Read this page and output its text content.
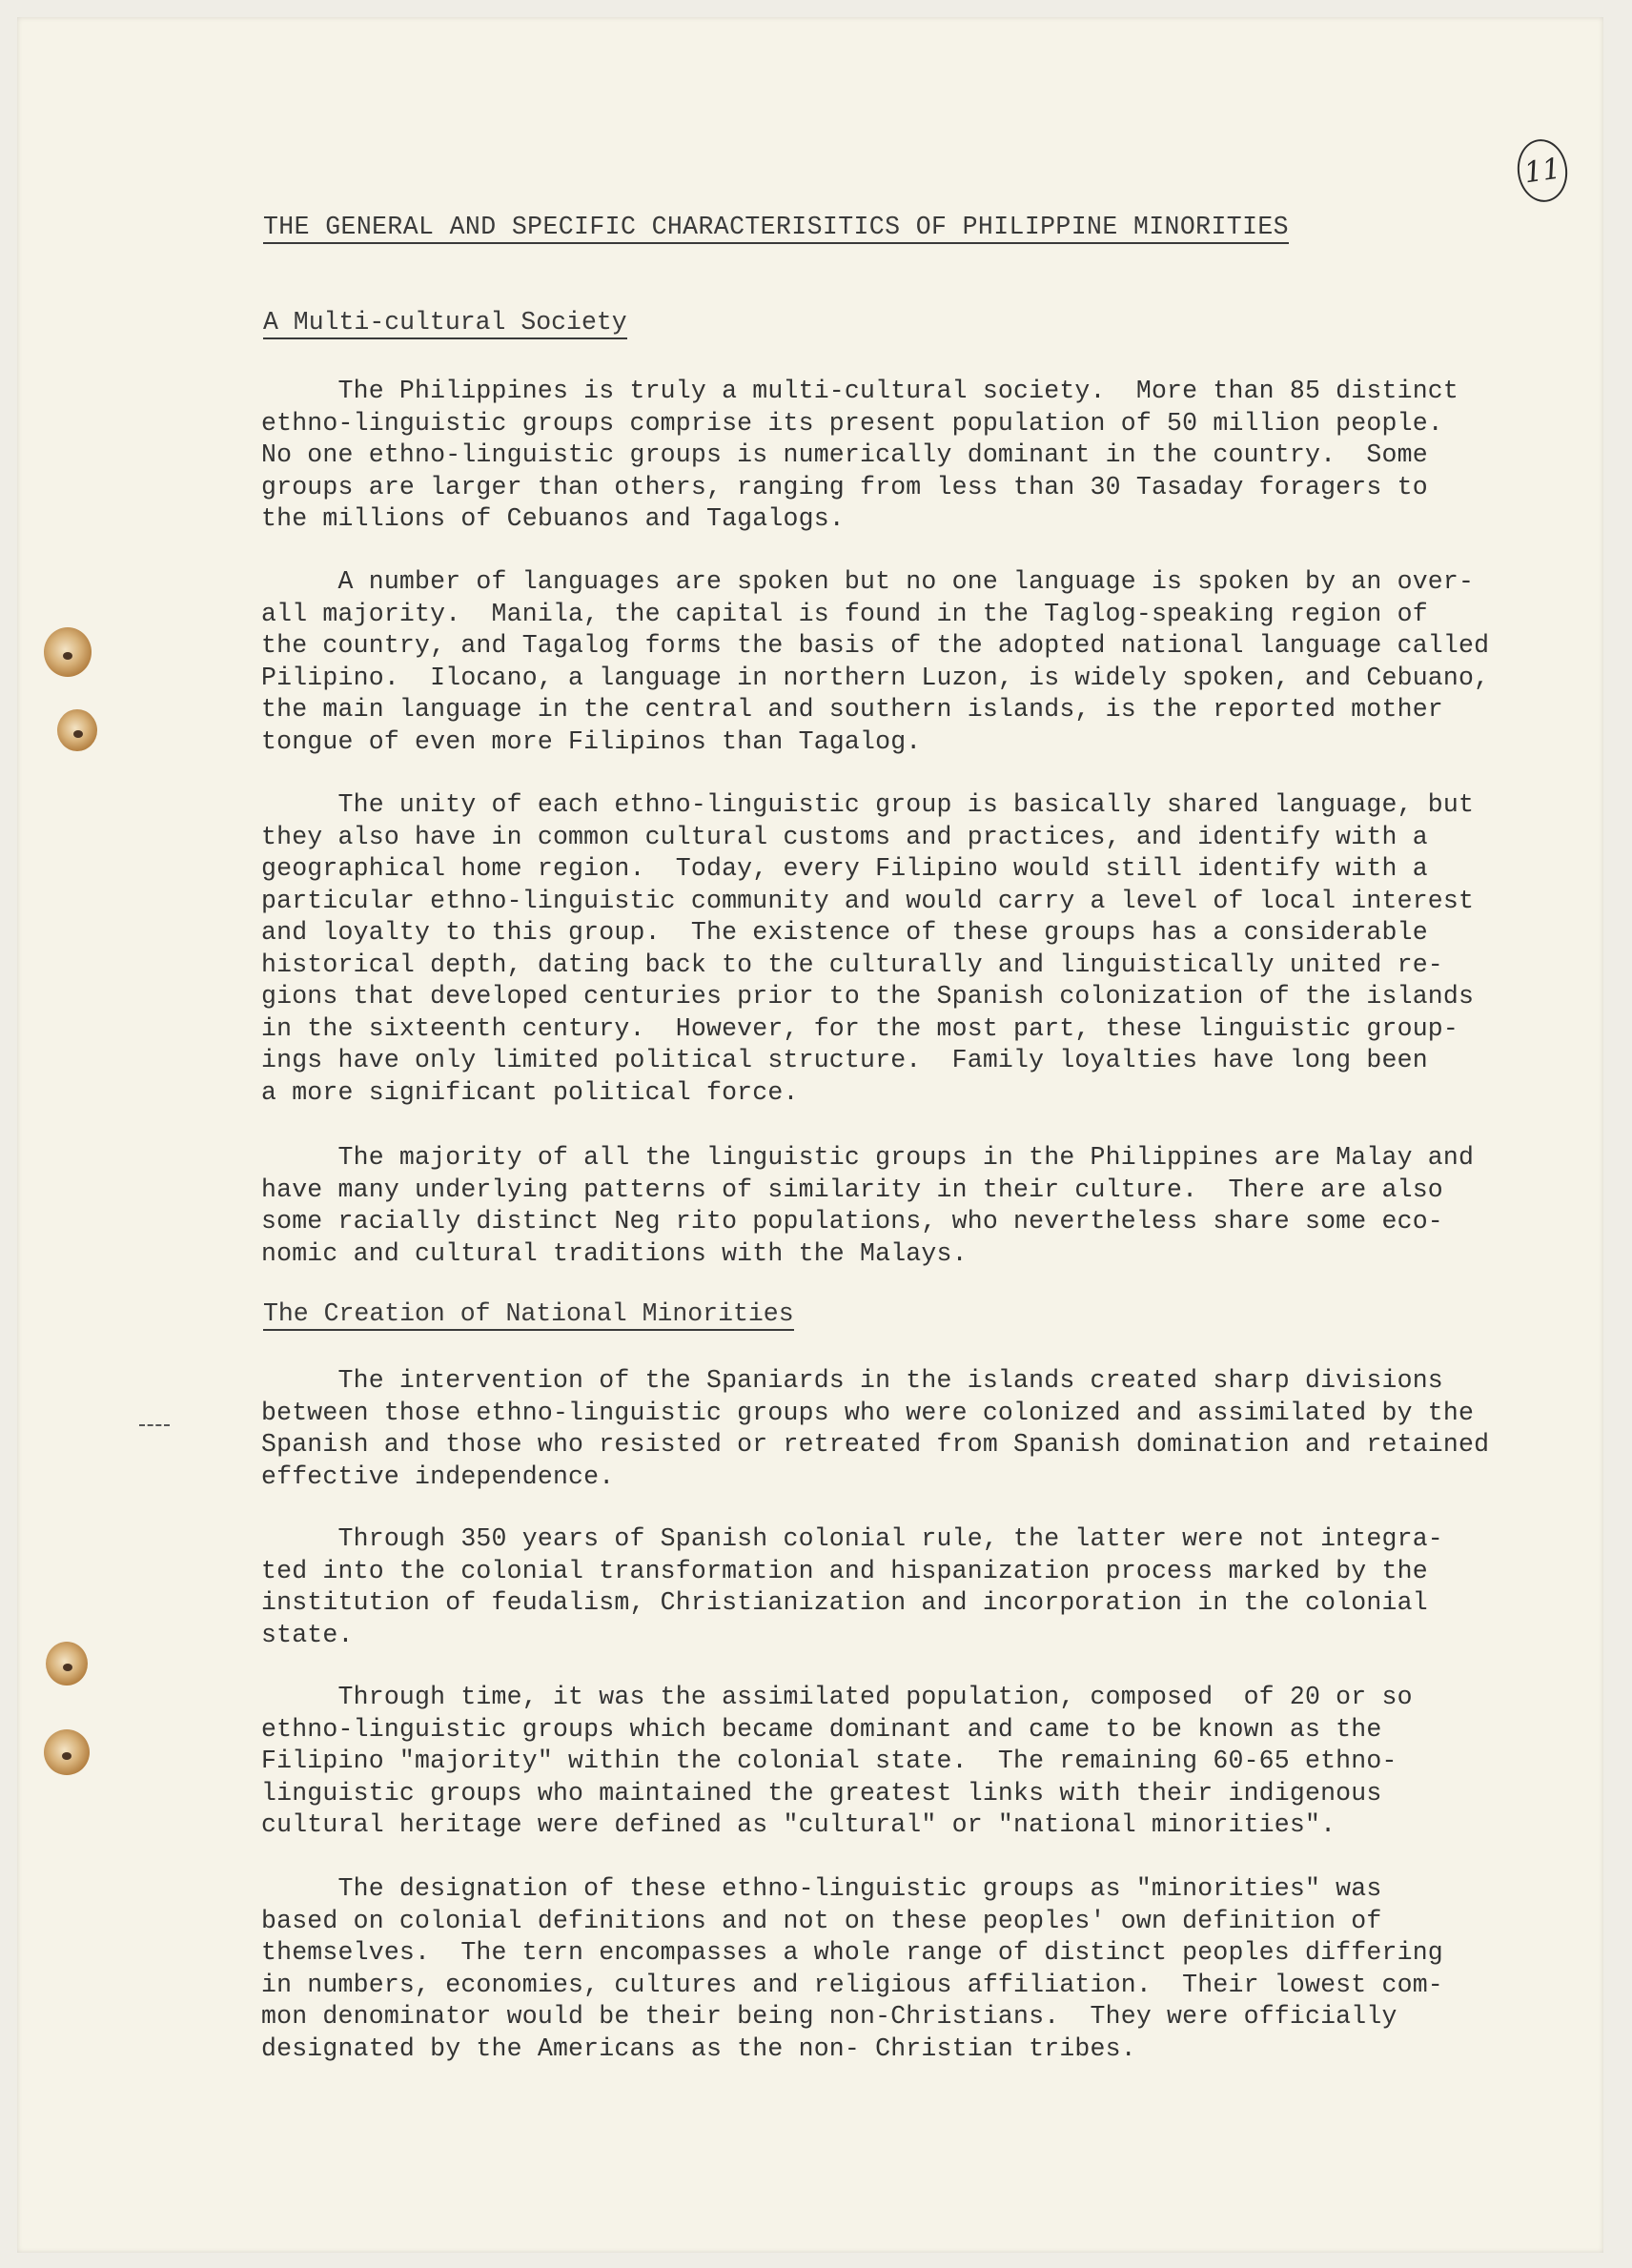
11
THE GENERAL AND SPECIFIC CHARACTERISITICS OF PHILIPPINE MINORITIES
A Multi-cultural Society
The Philippines is truly a multi-cultural society.  More than 85 distinct
ethno-linguistic groups comprise its present population of 50 million people.
No one ethno-linguistic groups is numerically dominant in the country.  Some
groups are larger than others, ranging from less than 30 Tasaday foragers to
the millions of Cebuanos and Tagalogs.
A number of languages are spoken but no one language is spoken by an over-
all majority.  Manila, the capital is found in the Taglog-speaking region of
the country, and Tagalog forms the basis of the adopted national language called
Pilipino.  Ilocano, a language in northern Luzon, is widely spoken, and Cebuano,
the main language in the central and southern islands, is the reported mother
tongue of even more Filipinos than Tagalog.
The unity of each ethno-linguistic group is basically shared language, but
they also have in common cultural customs and practices, and identify with a
geographical home region.  Today, every Filipino would still identify with a
particular ethno-linguistic community and would carry a level of local interest
and loyalty to this group.  The existence of these groups has a considerable
historical depth, dating back to the culturally and linguistically united re-
gions that developed centuries prior to the Spanish colonization of the islands
in the sixteenth century.  However, for the most part, these linguistic group-
ings have only limited political structure.  Family loyalties have long been
a more significant political force.
The majority of all the linguistic groups in the Philippines are Malay and
have many underlying patterns of similarity in their culture.  There are also
some racially distinct Neg rito populations, who nevertheless share some eco-
nomic and cultural traditions with the Malays.
The Creation of National Minorities
The intervention of the Spaniards in the islands created sharp divisions
between those ethno-linguistic groups who were colonized and assimilated by the
Spanish and those who resisted or retreated from Spanish domination and retained
effective independence.
Through 350 years of Spanish colonial rule, the latter were not integra-
ted into the colonial transformation and hispanization process marked by the
institution of feudalism, Christianization and incorporation in the colonial
state.
Through time, it was the assimilated population, composed  of 20 or so
ethno-linguistic groups which became dominant and came to be known as the
Filipino "majority" within the colonial state.  The remaining 60-65 ethno-
linguistic groups who maintained the greatest links with their indigenous
cultural heritage were defined as "cultural" or "national minorities".
The designation of these ethno-linguistic groups as "minorities" was
based on colonial definitions and not on these peoples' own definition of
themselves.  The tern encompasses a whole range of distinct peoples differing
in numbers, economies, cultures and religious affiliation.  Their lowest com-
mon denominator would be their being non-Christians.  They were officially
designated by the Americans as the non- Christian tribes.
